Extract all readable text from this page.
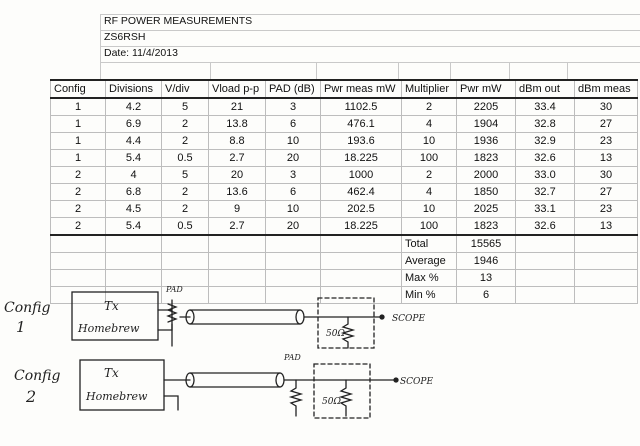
RF POWER MEASUREMENTS
ZS6RSH
Date: 11/4/2013
Config	Divisions	V/div	Vload p-p	PAD (dB)	Pwr meas mW	Multiplier	Pwr mW	dBm out	dBm meas
1	4.2	5	21	3	1102.5	2	2205	33.4	30
1	6.9	2	13.8	6	476.1	4	1904	32.8	27
1	4.4	2	8.8	10	193.6	10	1936	32.9	23
1	5.4	0.5	2.7	20	18.225	100	1823	32.6	13
2	4	5	20	3	1000	2	2000	33.0	30
2	6.8	2	13.6	6	462.4	4	1850	32.7	27
2	4.5	2	9	10	202.5	10	2025	33.1	23
2	5.4	0.5	2.7	20	18.225	100	1823	32.6	13
						Total	15565		
						Average	1946		
						Max %	13		
						Min %	6		
Config
1
Config
2
Tx
Homebrew
Tx
Homebrew
PAD
PAD
SCOPE
SCOPE
50Ω
50Ω
